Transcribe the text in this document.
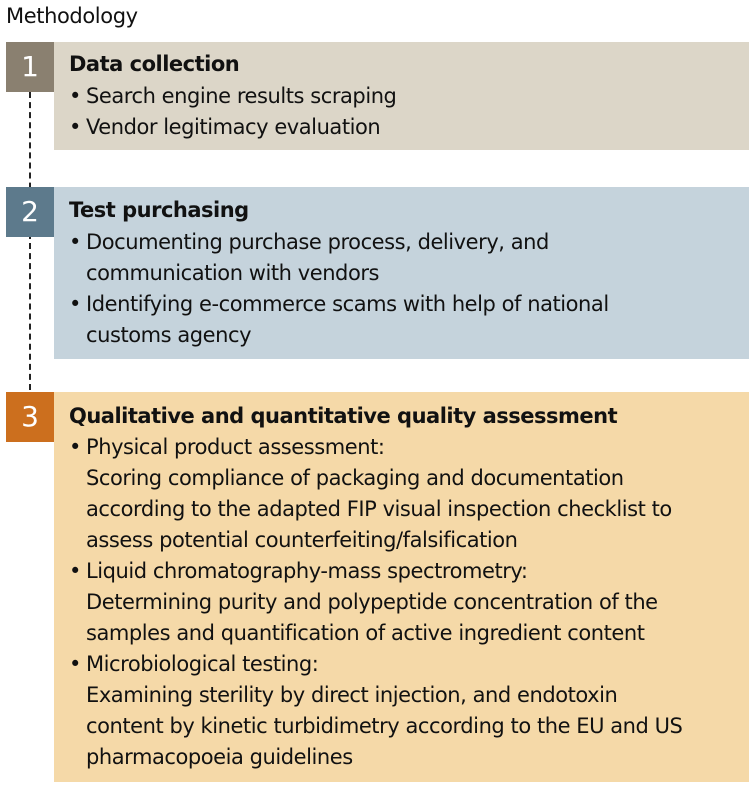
Methodology
1	Data collection
• Search engine results scraping
• Vendor legitimacy evaluation
2	Test purchasing
• Documenting purchase process, delivery, and
communication with vendors
• Identifying e-commerce scams with help of national
customs agency
3	Qualitative and quantitative quality assessment
• Physical product assessment:
Scoring compliance of packaging and documentation
according to the adapted FIP visual inspection checklist to
assess potential counterfeiting/falsification
• Liquid chromatography-mass spectrometry:
Determining purity and polypeptide concentration of the
samples and quantification of active ingredient content
• Microbiological testing:
Examining sterility by direct injection, and endotoxin
content by kinetic turbidimetry according to the EU and US
pharmacopoeia guidelines
